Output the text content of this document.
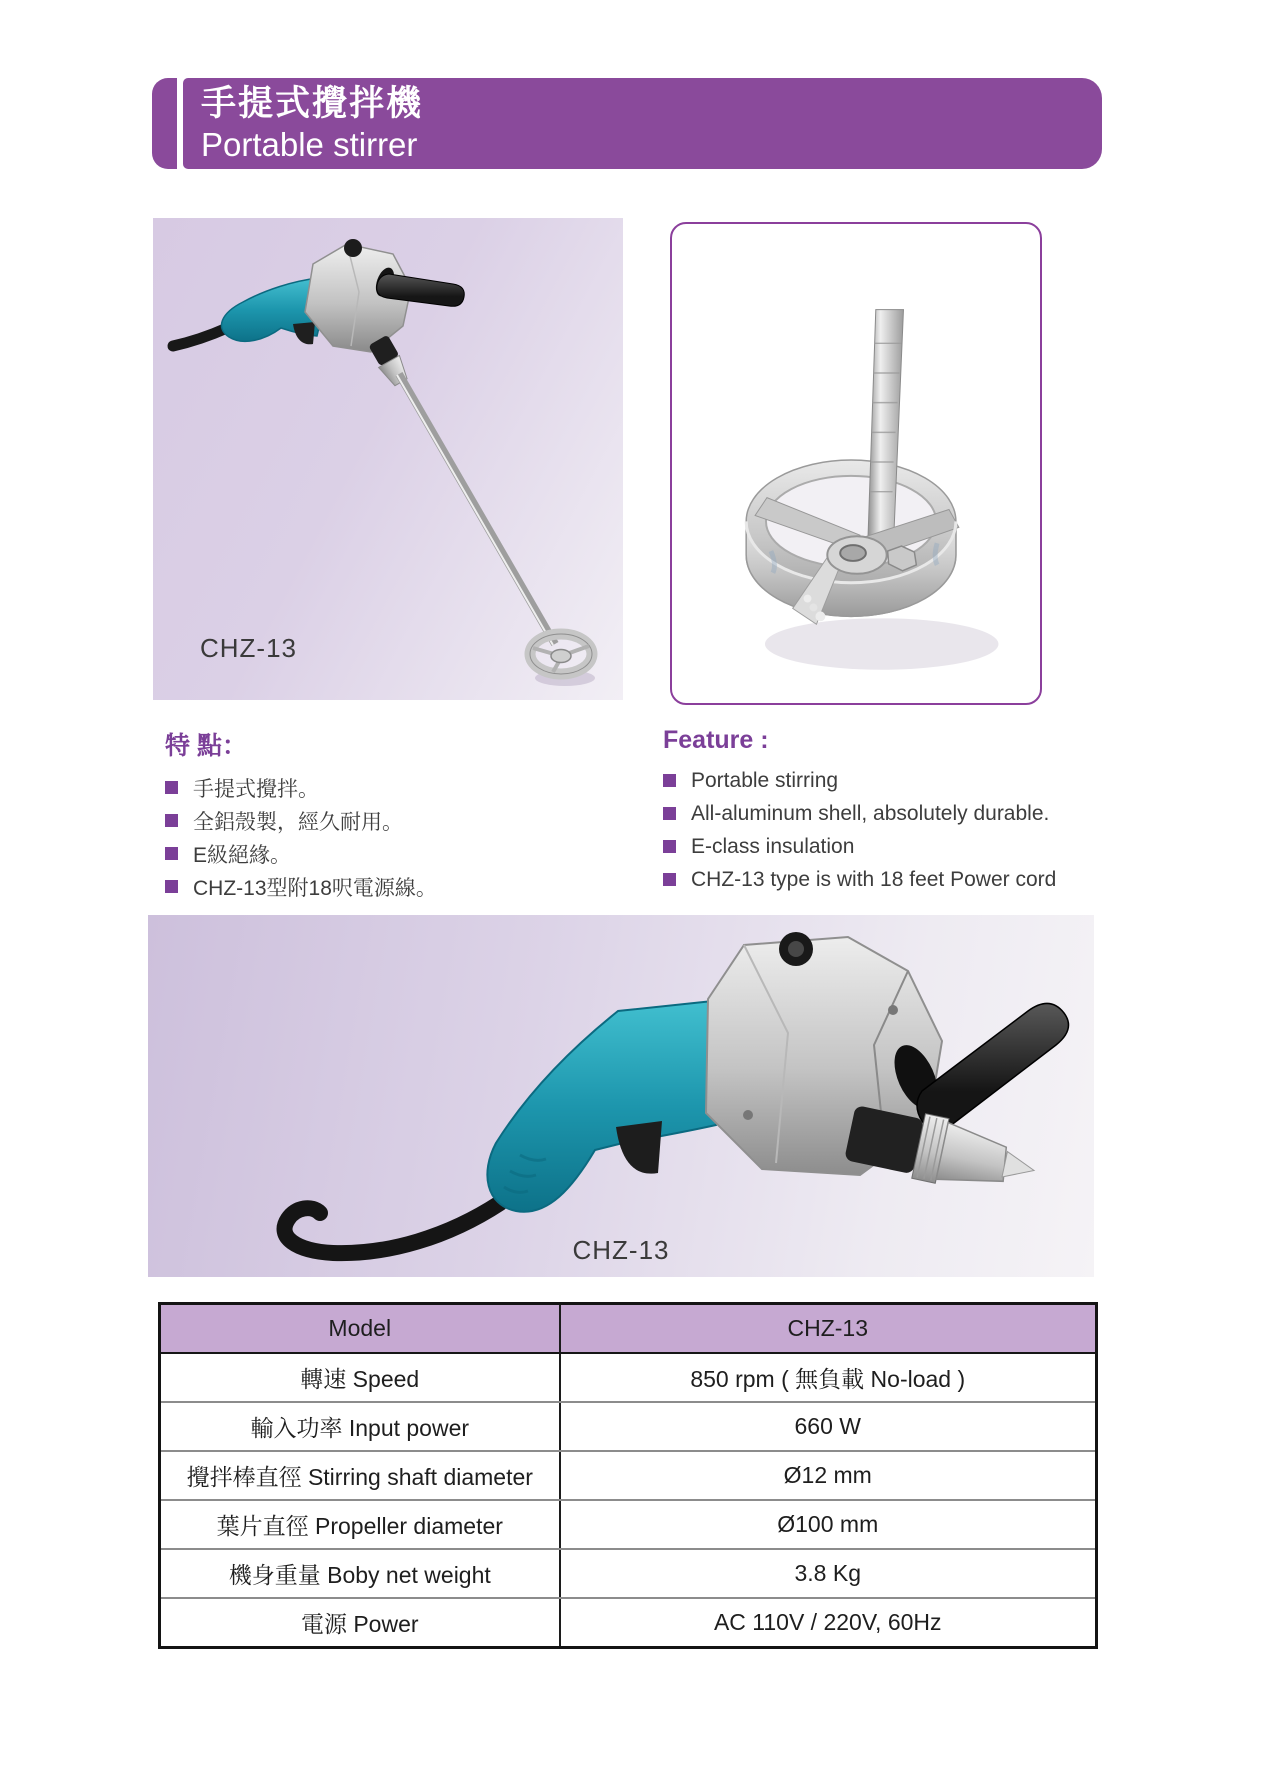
手提式攪拌機
Portable stirrer
CHZ-13
特 點：
手提式攪拌。
全鋁殼製，經久耐用。
E級絕緣。
CHZ-13型附18呎電源線。
Feature :
Portable stirring
All-aluminum shell, absolutely durable.
E-class insulation
CHZ-13 type is with 18 feet Power cord
CHZ-13
Model	CHZ-13
轉速 Speed	850 rpm ( 無負載 No-load )
輸入功率 Input power	660 W
攪拌棒直徑 Stirring shaft diameter	Ø12 mm
葉片直徑 Propeller diameter	Ø100 mm
機身重量 Boby net weight	3.8 Kg
電源 Power	AC 110V / 220V, 60Hz
